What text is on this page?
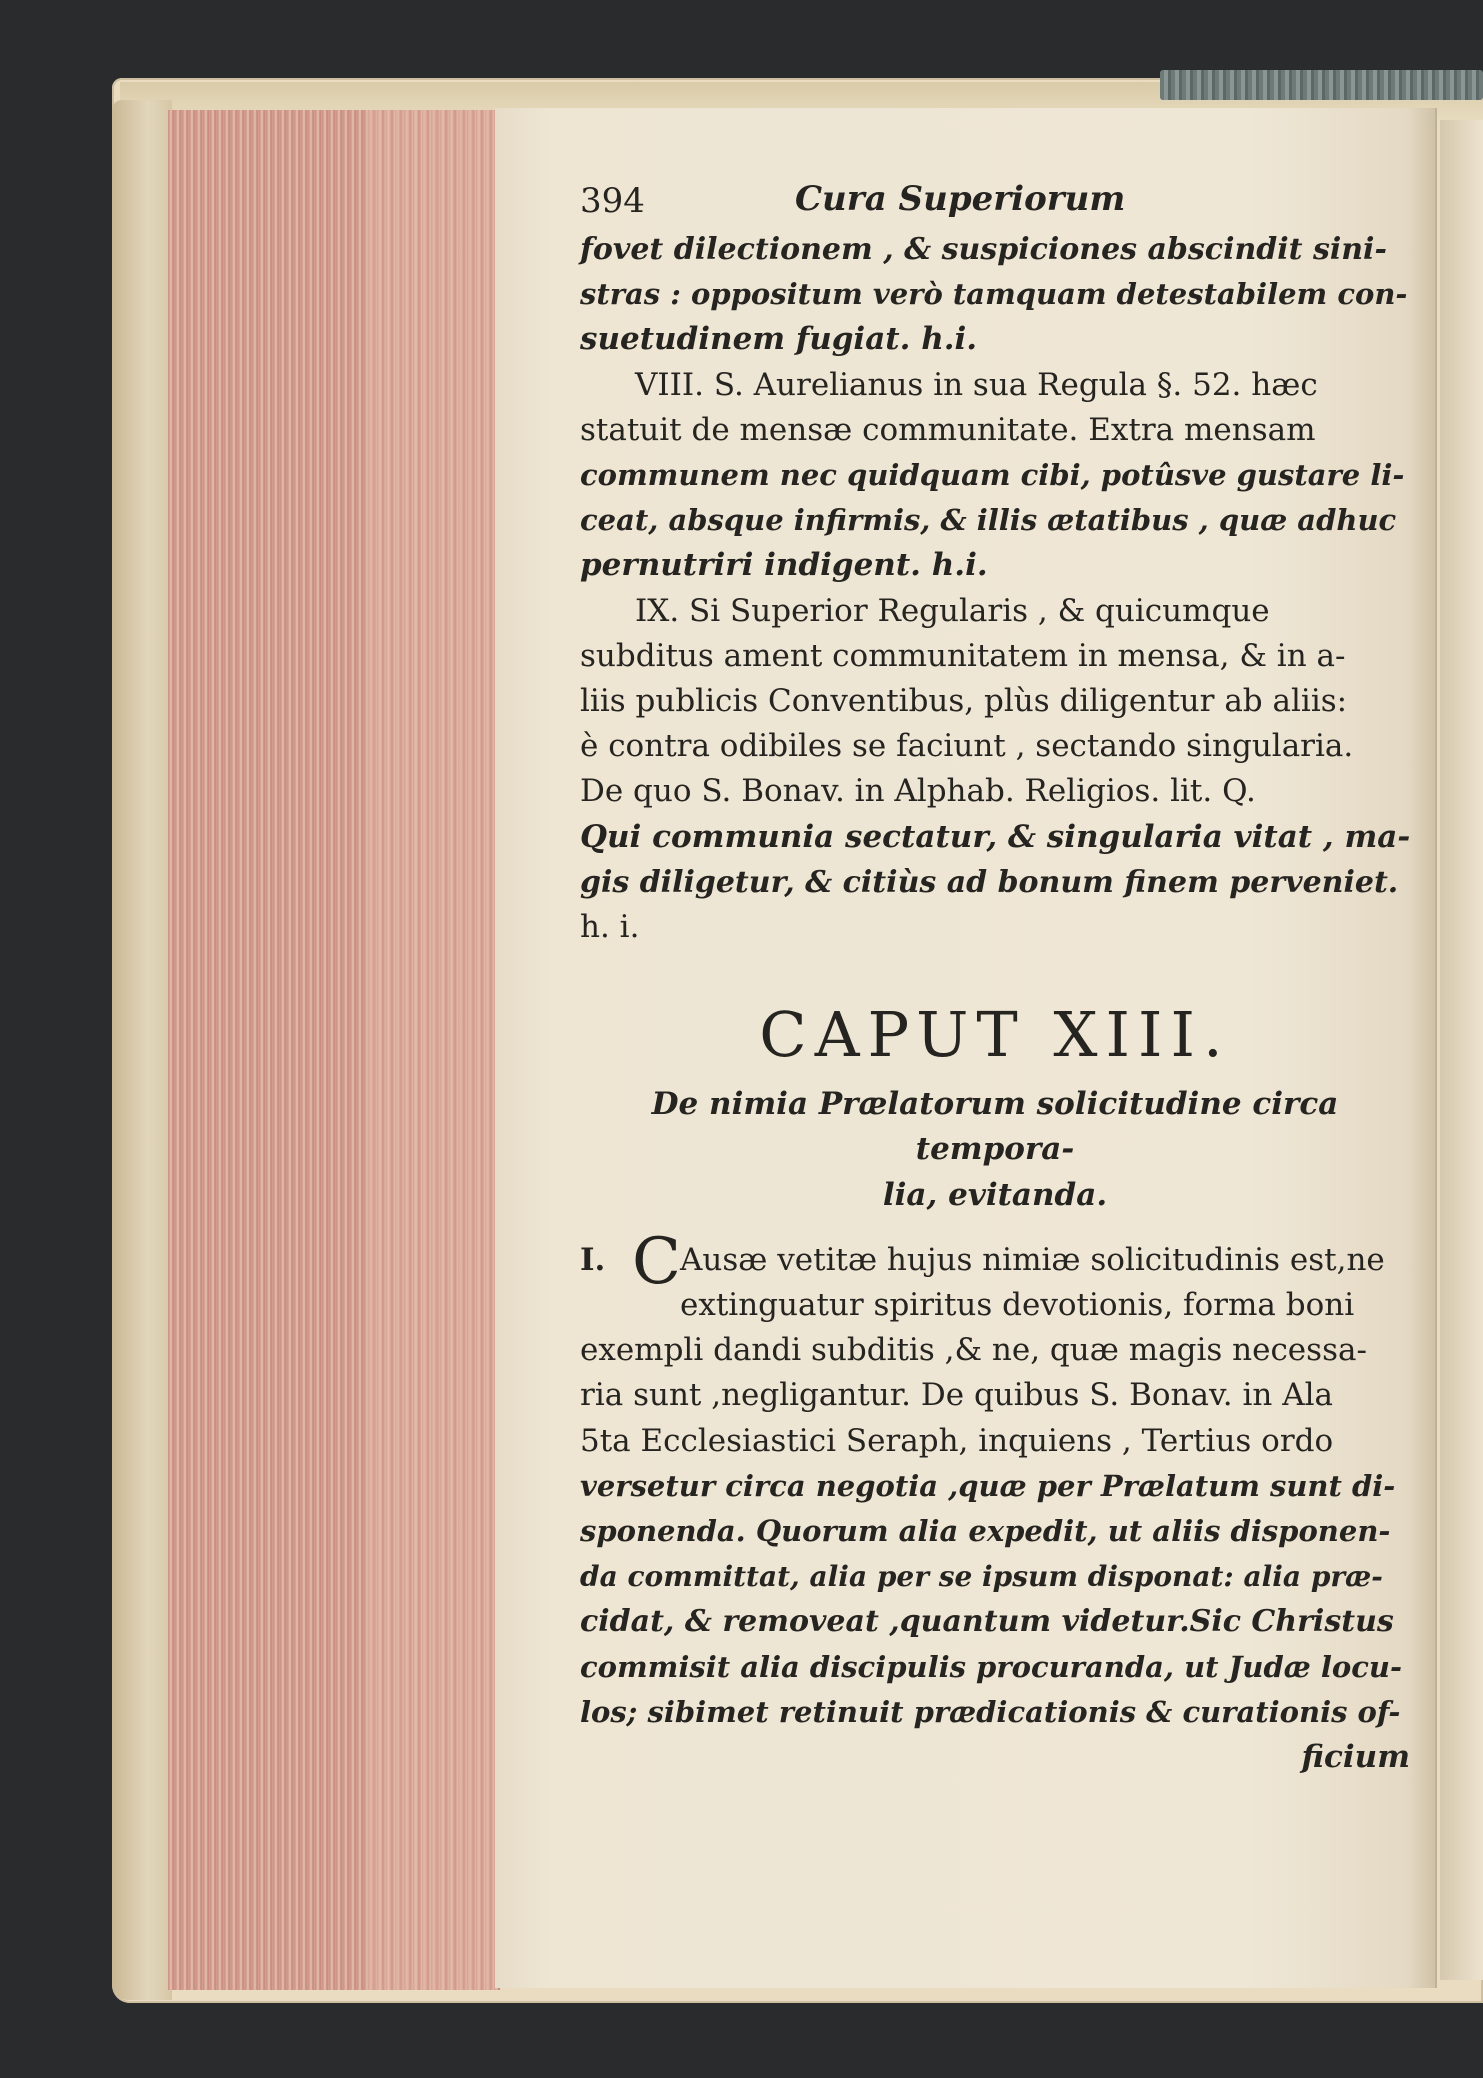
394	Cura Superiorum
fovet dilectionem , & suspiciones abscindit sini-
stras : oppositum verò tamquam detestabilem con-
suetudinem fugiat. h.i.
VIII. S. Aurelianus in sua Regula §. 52. hæc
statuit de mensæ communitate. Extra mensam
communem nec quidquam cibi, potûsve gustare li-
ceat, absque infirmis, & illis ætatibus , quæ adhuc
pernutriri indigent. h.i.
IX. Si Superior Regularis , & quicumque
subditus ament communitatem in mensa, & in a-
liis publicis Conventibus, plùs diligentur ab aliis:
è contra odibiles se faciunt , sectando singularia.
De quo S. Bonav. in Alphab. Religios. lit. Q.
Qui communia sectatur, & singularia vitat , ma-
gis diligetur, & citiùs ad bonum finem perveniet.
h. i.
CAPUT XIII.
De nimia Prælatorum solicitudine circa tempora-
lia, evitanda.
I. C Ausæ vetitæ hujus nimiæ solicitudinis est,ne
extinguatur spiritus devotionis, forma boni
exempli dandi subditis ,& ne, quæ magis necessa-
ria sunt ,negligantur. De quibus S. Bonav. in Ala
5ta Ecclesiastici Seraph, inquiens , Tertius ordo
versetur circa negotia ,quæ per Prælatum sunt di-
sponenda. Quorum alia expedit, ut aliis disponen-
da committat, alia per se ipsum disponat: alia præ-
cidat, & removeat ,quantum videtur.Sic Christus
commisit alia discipulis procuranda, ut Judæ locu-
los; sibimet retinuit prædicationis & curationis of-
ficium
